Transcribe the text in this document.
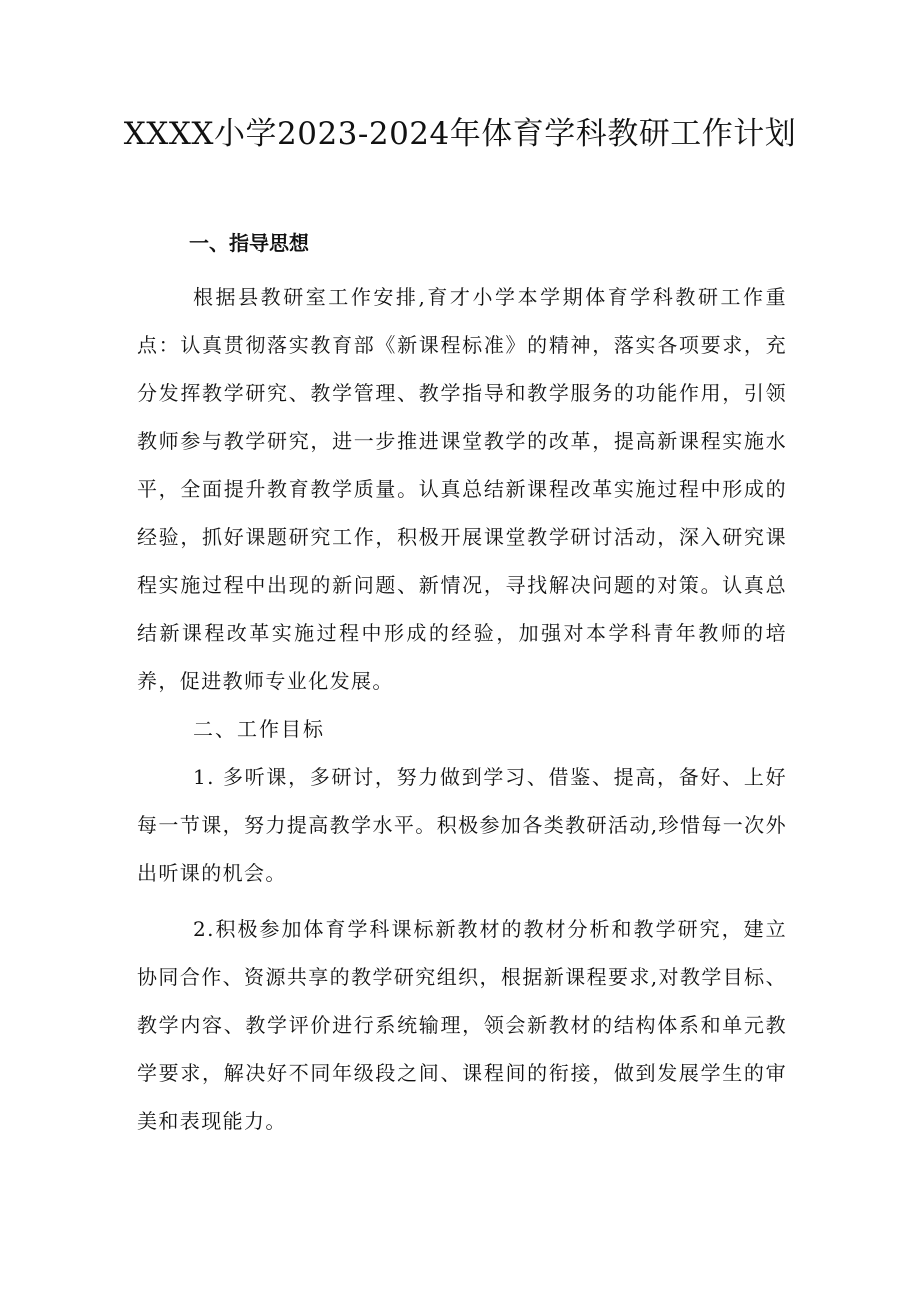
XXXX小学2023-2024年体育学科教研工作计划
一、指导思想

根据县教研室工作安排,育才小学本学期体育学科教研工作重点：认真贯彻落实教育部《新课程标准》的精神，落实各项要求，充分发挥教学研究、教学管理、教学指导和教学服务的功能作用，引领教师参与教学研究，进一步推进课堂教学的改革，提高新课程实施水平，全面提升教育教学质量。认真总结新课程改革实施过程中形成的经验，抓好课题研究工作，积极开展课堂教学研讨活动，深入研究课程实施过程中出现的新问题、新情况，寻找解决问题的对策。认真总结新课程改革实施过程中形成的经验，加强对本学科青年教师的培养，促进教师专业化发展。

二、工作目标

1. 多听课，多研讨，努力做到学习、借鉴、提高，备好、上好每一节课，努力提高教学水平。积极参加各类教研活动,珍惜每一次外出听课的机会。

2.积极参加体育学科课标新教材的教材分析和教学研究，建立协同合作、资源共享的教学研究组织，根据新课程要求,对教学目标、教学内容、教学评价进行系统输理，领会新教材的结构体系和单元教学要求，解决好不同年级段之间、课程间的衔接，做到发展学生的审美和表现能力。
